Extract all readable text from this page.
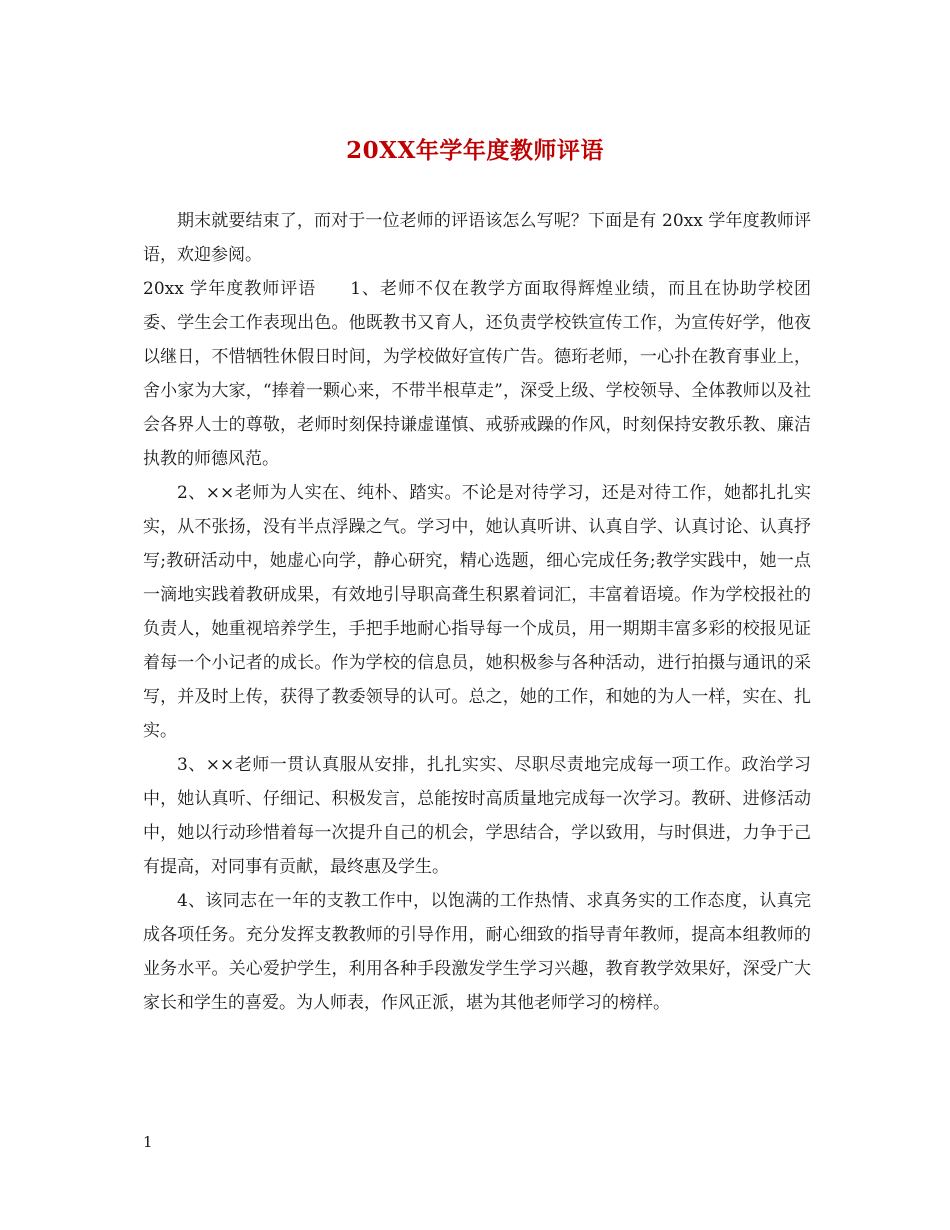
20XX年学年度教师评语

期末就要结束了，而对于一位老师的评语该怎么写呢？下面是有 20xx 学年度教师评语，欢迎参阅。

20xx 学年度教师评语 1、老师不仅在教学方面取得辉煌业绩，而且在协助学校团委、学生会工作表现出色。他既教书又育人，还负责学校铁宣传工作，为宣传好学，他夜以继日，不惜牺牲休假日时间，为学校做好宣传广告。德珩老师，一心扑在教育事业上，舍小家为大家，“捧着一颗心来，不带半根草走”，深受上级、学校领导、全体教师以及社会各界人士的尊敬，老师时刻保持谦虚谨慎、戒骄戒躁的作风，时刻保持安教乐教、廉洁执教的师德风范。

2、××老师为人实在、纯朴、踏实。不论是对待学习，还是对待工作，她都扎扎实实，从不张扬，没有半点浮躁之气。学习中，她认真听讲、认真自学、认真讨论、认真抒写;教研活动中，她虚心向学，静心研究，精心选题，细心完成任务;教学实践中，她一点一滴地实践着教研成果，有效地引导职高聋生积累着词汇，丰富着语境。作为学校报社的负责人，她重视培养学生，手把手地耐心指导每一个成员，用一期期丰富多彩的校报见证着每一个小记者的成长。作为学校的信息员，她积极参与各种活动，进行拍摄与通讯的采写，并及时上传，获得了教委领导的认可。总之，她的工作，和她的为人一样，实在、扎实。

3、××老师一贯认真服从安排，扎扎实实、尽职尽责地完成每一项工作。政治学习中，她认真听、仔细记、积极发言，总能按时高质量地完成每一次学习。教研、进修活动中，她以行动珍惜着每一次提升自己的机会，学思结合，学以致用，与时俱进，力争于己有提高，对同事有贡献，最终惠及学生。

4、该同志在一年的支教工作中，以饱满的工作热情、求真务实的工作态度，认真完成各项任务。充分发挥支教教师的引导作用，耐心细致的指导青年教师，提高本组教师的业务水平。关心爱护学生，利用各种手段激发学生学习兴趣，教育教学效果好，深受广大家长和学生的喜爱。为人师表，作风正派，堪为其他老师学习的榜样。

1
